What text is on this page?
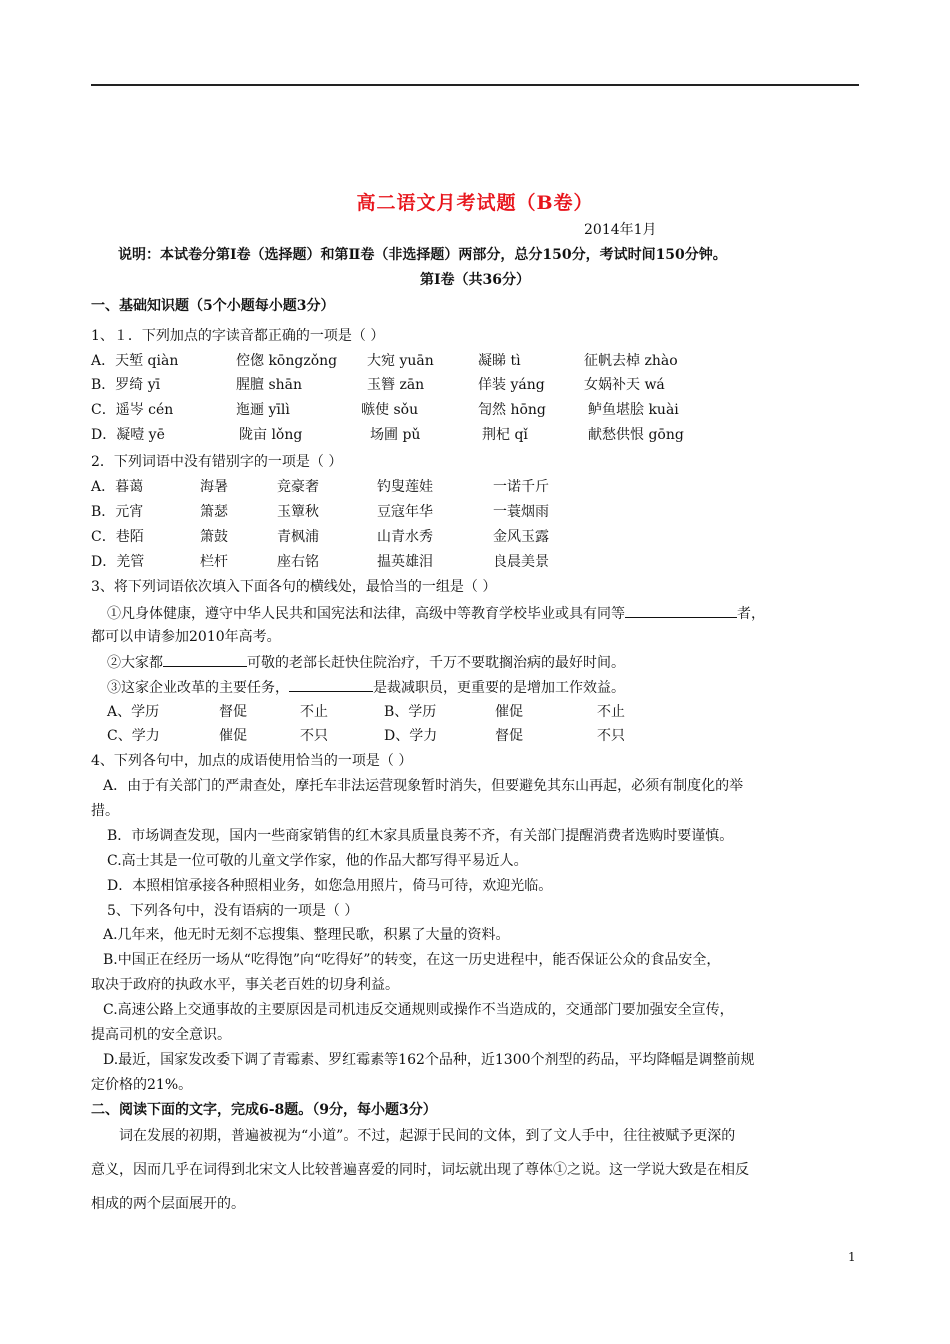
高二语文月考试题（B卷）
2014年1月
说明：本试卷分第Ⅰ卷（选择题）和第Ⅱ卷（非选择题）两部分，总分150分，考试时间150分钟。
第Ⅰ卷（共36分）
一、基础知识题（5个小题每小题3分）
1、１．下列加点的字读音都正确的一项是（ ）
A．天堑 qiàn	倥偬 kōngzǒng 大宛 yuān	凝睇 tì	征帆去棹 zhào
B．罗绮 yī	腥膻 shān	玉簪 zān	佯装 yáng	女娲补天 wá
C．遥岑 cén	迤逦 yīlì	嗾使 sǒu	訇然 hōng	鲈鱼堪脍 kuài
D．凝噎 yē	陇亩 lǒng	场圃 pǔ	荆杞 qǐ	献愁供恨 gōng
2．下列词语中没有错别字的一项是（ ）
A．暮蔼	海暑	竞豪奢	钓叟莲娃	一诺千斤
B．元宵	箫瑟	玉簟秋	豆寇年华	一蓑烟雨
C．巷陌	箫鼓	青枫浦	山青水秀	金风玉露
D．羌管	栏杆	座右铭	揾英雄泪	良晨美景
3、将下列词语依次填入下面各句的横线处，最恰当的一组是（ ）
①凡身体健康，遵守中华人民共和国宪法和法律，高级中等教育学校毕业或具有同等	者，
都可以申请参加2010年高考。
②大家都	可敬的老部长赶快住院治疗，千万不要耽搁治病的最好时间。
③这家企业改革的主要任务，	是裁减职员，更重要的是增加工作效益。
A、学历	督促	不止	B、学历	催促	不止
C、学力	催促	不只	D、学力	督促	不只
4、下列各句中，加点的成语使用恰当的一项是（ ）
A．由于有关部门的严肃查处，摩托车非法运营现象暂时消失，但要避免其东山再起，必须有制度化的举
措。
B．市场调查发现，国内一些商家销售的红木家具质量良莠不齐，有关部门提醒消费者选购时要谨慎。
C.高士其是一位可敬的儿童文学作家，他的作品大都写得平易近人。
D．本照相馆承接各种照相业务，如您急用照片，倚马可待，欢迎光临。
5、下列各句中，没有语病的一项是（ ）
A.几年来，他无时无刻不忘搜集、整理民歌，积累了大量的资料。
B.中国正在经历一场从“吃得饱”向“吃得好”的转变，在这一历史进程中，能否保证公众的食品安全，
取决于政府的执政水平，事关老百姓的切身利益。
C.高速公路上交通事故的主要原因是司机违反交通规则或操作不当造成的，交通部门要加强安全宣传，
提高司机的安全意识。
D.最近，国家发改委下调了青霉素、罗红霉素等162个品种，近1300个剂型的药品，平均降幅是调整前规
定价格的21%。
二、阅读下面的文字，完成6-8题。（9分，每小题3分）
词在发展的初期，普遍被视为“小道”。不过，起源于民间的文体，到了文人手中，往往被赋予更深的
意义，因而几乎在词得到北宋文人比较普遍喜爱的同时，词坛就出现了尊体①之说。这一学说大致是在相反
相成的两个层面展开的。
1
